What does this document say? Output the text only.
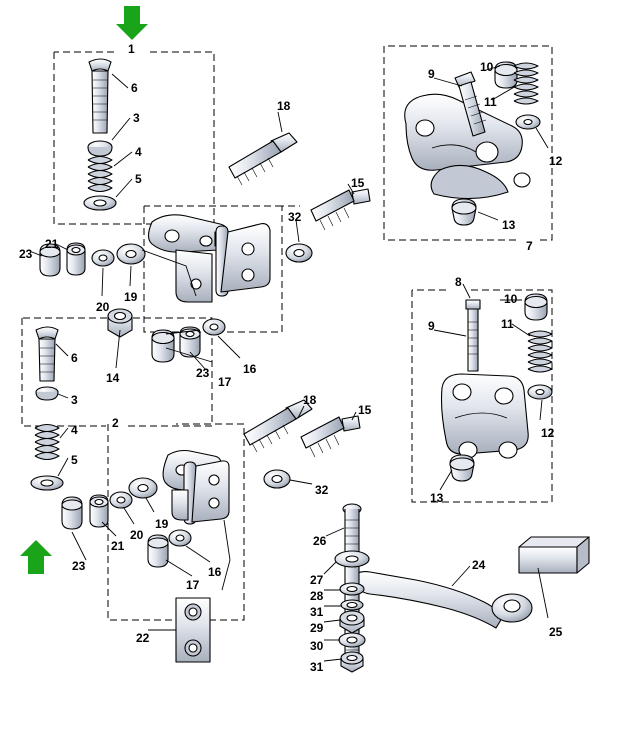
1
6
3
4
5
18
9	10
11
12
13
7
15
32
23
21
20
19
14	17
23	16
8
10
9	11
12
13
6
3
4
5
2
18
15
32
19
20
21
23
17
16
22
26
27
28
31
29
30
31
24
25
